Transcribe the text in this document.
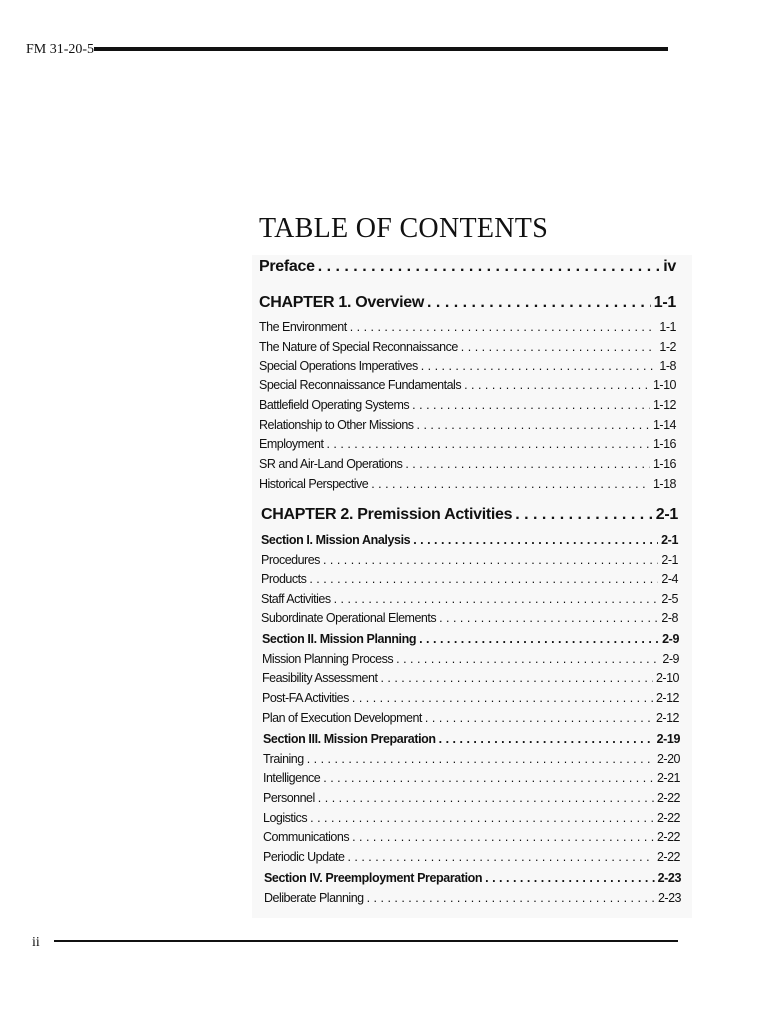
FM 31-20-5
TABLE OF CONTENTS
Preface . . .	iv
CHAPTER 1. Overview . . .	1-1
The Environment . . .	1-1
The Nature of Special Reconnaissance . . .	1-2
Special Operations Imperatives . . .	1-8
Special Reconnaissance Fundamentals . . .	1-10
Battlefield Operating Systems . . .	1-12
Relationship to Other Missions . . .	1-14
Employment . . .	1-16
SR and Air-Land Operations . . .	1-16
Historical Perspective . . .	1-18
CHAPTER 2. Premission Activities . . .	2-1
Section I. Mission Analysis . . .	2-1
Procedures . . .	2-1
Products . . .	2-4
Staff Activities . . .	2-5
Subordinate Operational Elements . . .	2-8
Section II. Mission Planning . . .	2-9
Mission Planning Process . . .	2-9
Feasibility Assessment . . .	2-10
Post-FA Activities . . .	2-12
Plan of Execution Development . . .	2-12
Section III. Mission Preparation . . .	2-19
Training . . .	2-20
Intelligence . . .	2-21
Personnel . . .	2-22
Logistics . . .	2-22
Communications . . .	2-22
Periodic Update . . .	2-22
Section IV. Preemployment Preparation . . .	2-23
Deliberate Planning . . .	2-23
ii
